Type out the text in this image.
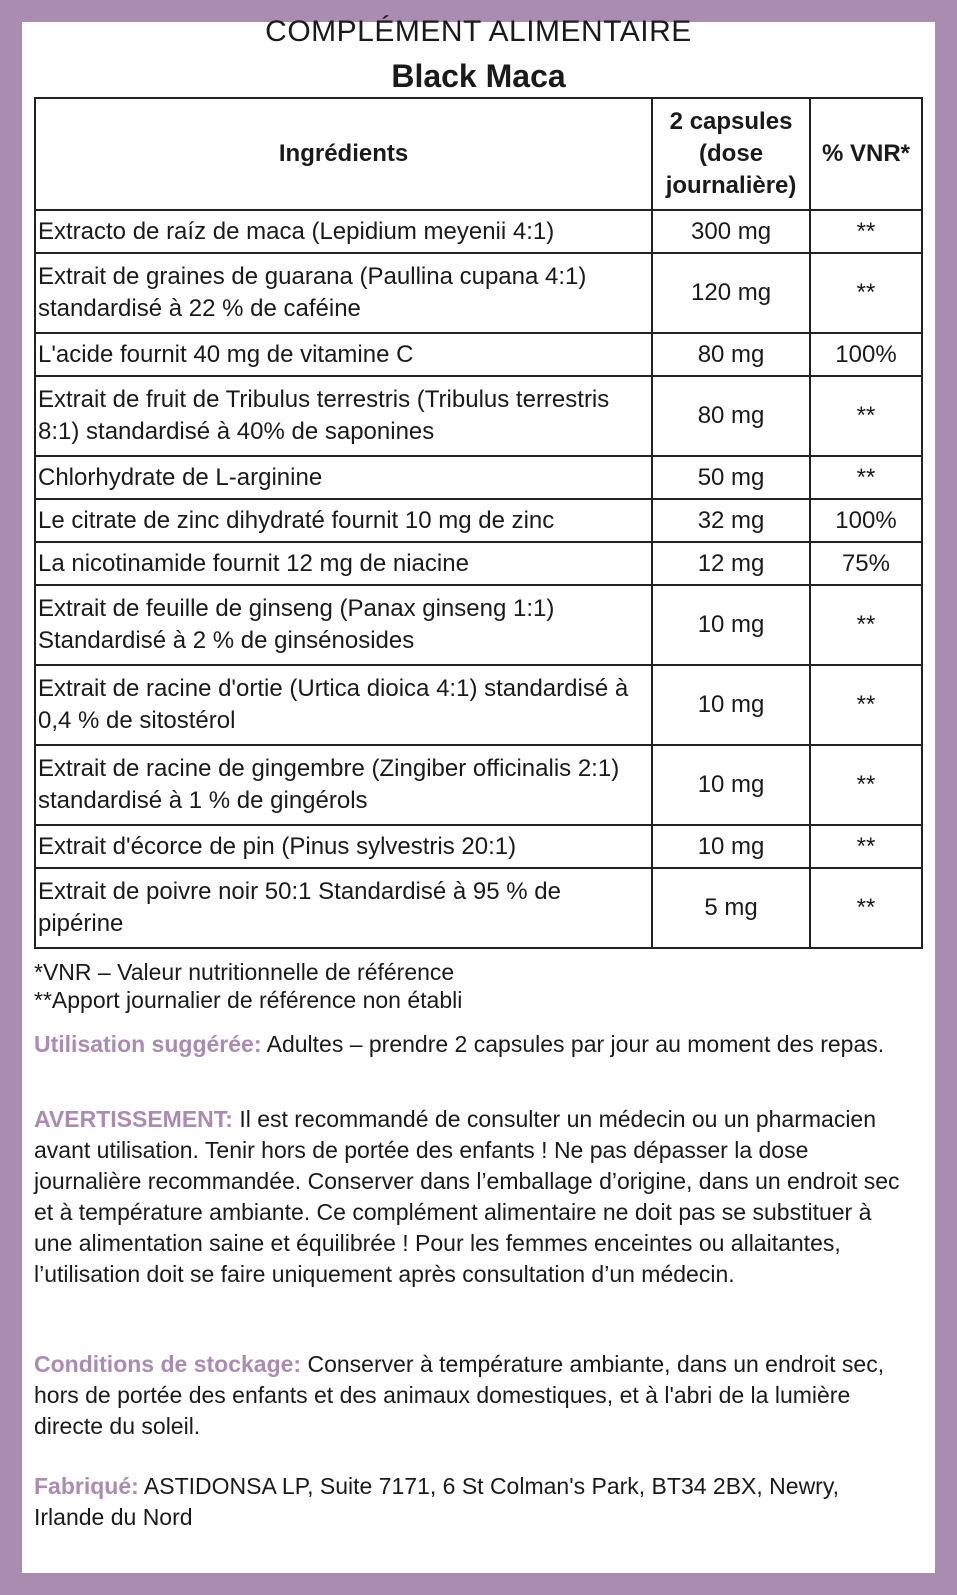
COMPLÉMENT ALIMENTAIRE
Black Maca
Ingrédients	2 capsules (dose journalière)	% VNR*
Extracto de raíz de maca (Lepidium meyenii 4:1)	300 mg	**
Extrait de graines de guarana (Paullina cupana 4:1) standardisé à 22 % de caféine	120 mg	**
L'acide fournit 40 mg de vitamine C	80 mg	100%
Extrait de fruit de Tribulus terrestris (Tribulus terrestris 8:1) standardisé à 40% de saponines	80 mg	**
Chlorhydrate de L-arginine	50 mg	**
Le citrate de zinc dihydraté fournit 10 mg de zinc	32 mg	100%
La nicotinamide fournit 12 mg de niacine	12 mg	75%
Extrait de feuille de ginseng (Panax ginseng 1:1) Standardisé à 2 % de ginsénosides	10 mg	**
Extrait de racine d'ortie (Urtica dioica 4:1) standardisé à 0,4 % de sitostérol	10 mg	**
Extrait de racine de gingembre (Zingiber officinalis 2:1) standardisé à 1 % de gingérols	10 mg	**
Extrait d'écorce de pin (Pinus sylvestris 20:1)	10 mg	**
Extrait de poivre noir 50:1 Standardisé à 95 % de pipérine	5 mg	**
*VNR – Valeur nutritionnelle de référence
**Apport journalier de référence non établi
Utilisation suggérée: Adultes – prendre 2 capsules par jour au moment des repas.
AVERTISSEMENT: Il est recommandé de consulter un médecin ou un pharmacien avant utilisation. Tenir hors de portée des enfants ! Ne pas dépasser la dose journalière recommandée. Conserver dans l’emballage d’origine, dans un endroit sec et à température ambiante. Ce complément alimentaire ne doit pas se substituer à une alimentation saine et équilibrée ! Pour les femmes enceintes ou allaitantes, l’utilisation doit se faire uniquement après consultation d’un médecin.
Conditions de stockage: Conserver à température ambiante, dans un endroit sec, hors de portée des enfants et des animaux domestiques, et à l'abri de la lumière directe du soleil.
Fabriqué: ASTIDONSA LP, Suite 7171, 6 St Colman's Park, BT34 2BX, Newry, Irlande du Nord
